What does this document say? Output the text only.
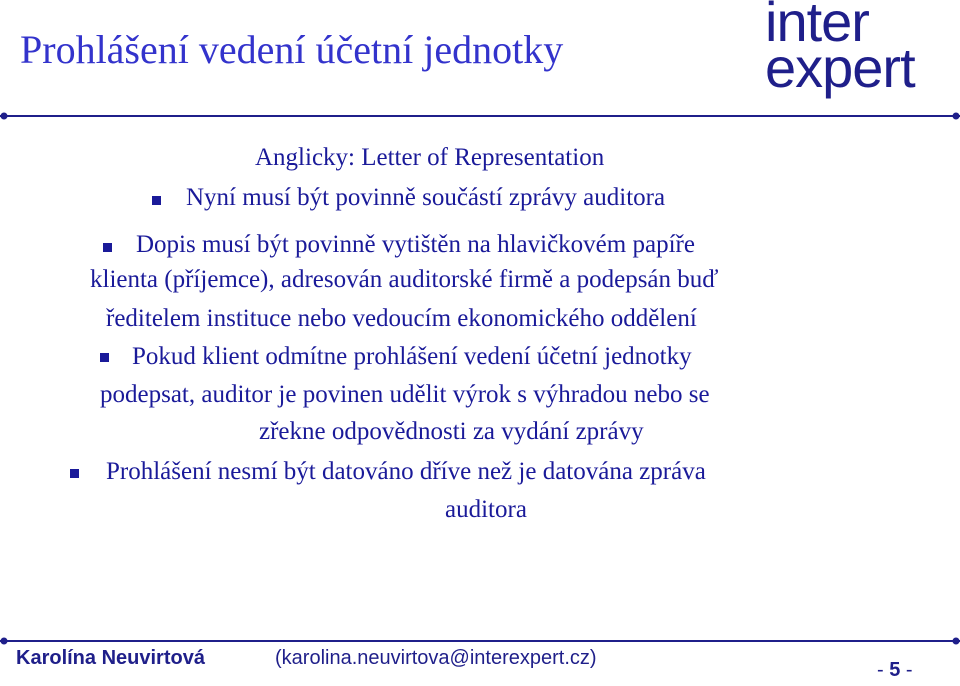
Prohlášení vedení účetní jednotky	inter
expert
Anglicky: Letter of Representation
Nyní musí být povinně součástí zprávy auditora
Dopis musí být povinně vytištěn na hlavičkovém papíře
klienta (příjemce), adresován auditorské firmě a podepsán buď
ředitelem instituce nebo vedoucím ekonomického oddělení
Pokud klient odmítne prohlášení vedení účetní jednotky
podepsat, auditor je povinen udělit výrok s výhradou nebo se
zřekne odpovědnosti za vydání zprávy
Prohlášení nesmí být datováno dříve než je datována zpráva
auditora
Karolína Neuvirtová	(karolina.neuvirtova@interexpert.cz)
- 5 -
